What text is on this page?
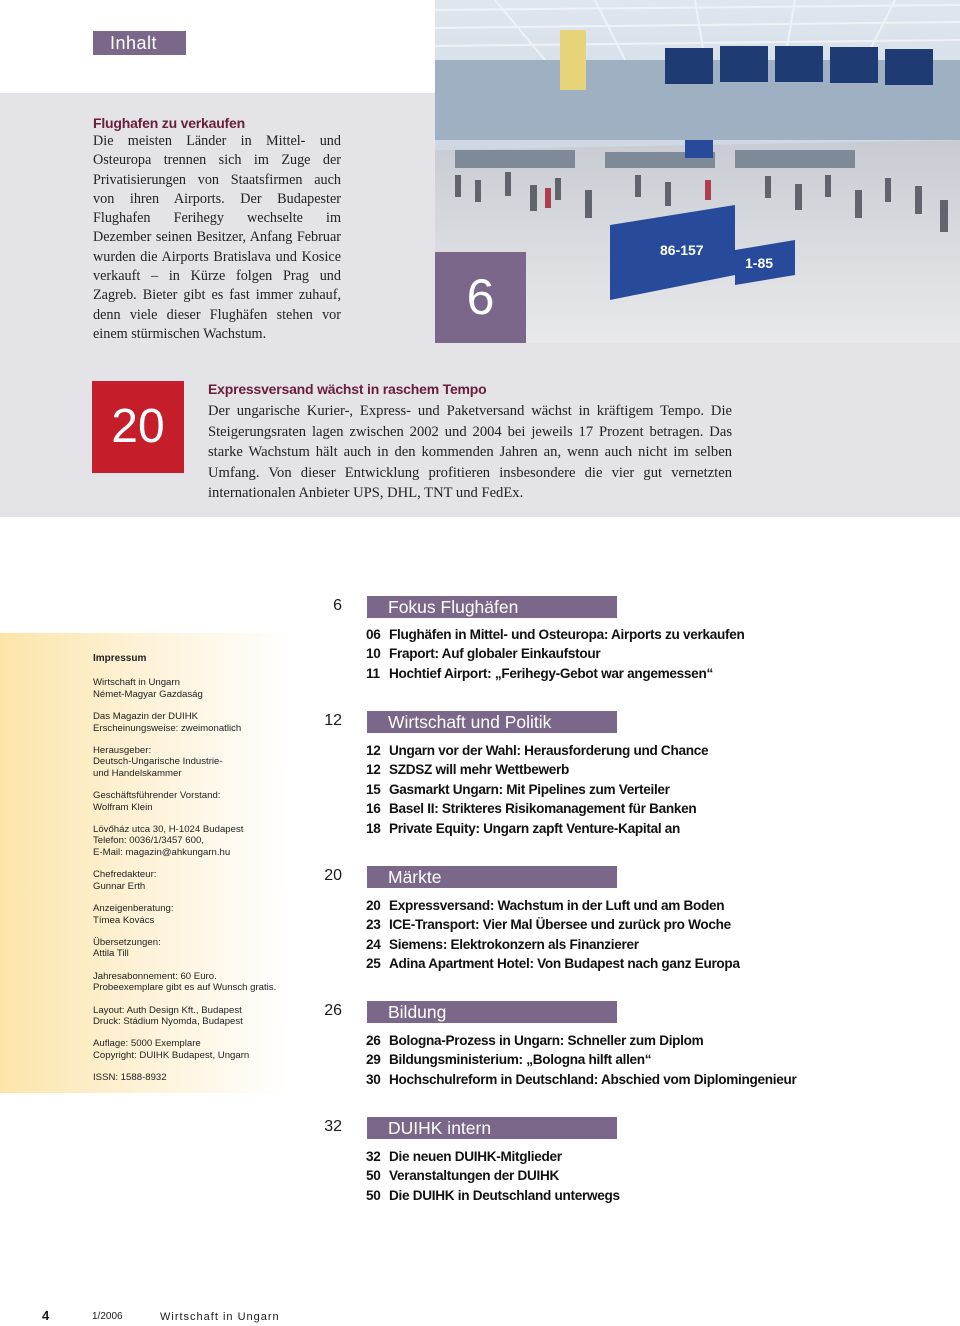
Inhalt
86-157
1-85
6
Flughafen zu verkaufen
Die meisten Länder in Mittel- und Osteuropa trennen sich im Zuge der Privatisierungen von Staatsfirmen auch von ihren Airports. Der Budapester Flughafen Ferihegy wechselte im Dezember seinen Besitzer, Anfang Februar wurden die Airports Bratislava und Kosice verkauft – in Kürze folgen Prag und Zagreb. Bieter gibt es fast immer zuhauf, denn viele dieser Flughäfen stehen vor einem stürmischen Wachstum.
20
Expressversand wächst in raschem Tempo
Der ungarische Kurier-, Express- und Paketversand wächst in kräftigem Tempo. Die Steigerungsraten lagen zwischen 2002 und 2004 bei jeweils 17 Prozent betragen. Das starke Wachstum hält auch in den kommenden Jahren an, wenn auch nicht im selben Umfang. Von dieser Entwicklung profitieren insbesondere die vier gut vernetzten internationalen Anbieter UPS, DHL, TNT und FedEx.
6	Fokus Flughäfen
06 Flughäfen in Mittel- und Osteuropa: Airports zu verkaufen
10 Fraport: Auf globaler Einkaufstour
11 Hochtief Airport: „Ferihegy-Gebot war angemessen“
12	Wirtschaft und Politik
12 Ungarn vor der Wahl: Herausforderung und Chance
12 SZDSZ will mehr Wettbewerb
15 Gasmarkt Ungarn: Mit Pipelines zum Verteiler
16 Basel II: Strikteres Risikomanagement für Banken
18 Private Equity: Ungarn zapft Venture-Kapital an
20	Märkte
20 Expressversand: Wachstum in der Luft und am Boden
23 ICE-Transport: Vier Mal Übersee und zurück pro Woche
24 Siemens: Elektrokonzern als Finanzierer
25 Adina Apartment Hotel: Von Budapest nach ganz Europa
26	Bildung
26 Bologna-Prozess in Ungarn: Schneller zum Diplom
29 Bildungsministerium: „Bologna hilft allen“
30 Hochschulreform in Deutschland: Abschied vom Diplomingenieur
32	DUIHK intern
32 Die neuen DUIHK-Mitglieder
50 Veranstaltungen der DUIHK
50 Die DUIHK in Deutschland unterwegs

Impressum

Wirtschaft in Ungarn
Német-Magyar Gazdaság

Das Magazin der DUIHK
Erscheinungsweise: zweimonatlich

Herausgeber:
Deutsch-Ungarische Industrie-
und Handelskammer

Geschäftsführender Vorstand:
Wolfram Klein

Lövőház utca 30, H-1024 Budapest
Telefon: 0036/1/3457 600,
E-Mail: magazin@ahkungarn.hu

Chefredakteur:
Gunnar Erth

Anzeigenberatung:
Tímea Kovács

Übersetzungen:
Attila Till

Jahresabonnement: 60 Euro.
Probeexemplare gibt es auf Wunsch gratis.

Layout: Auth Design Kft., Budapest
Druck: Stádium Nyomda, Budapest

Auflage: 5000 Exemplare
Copyright: DUIHK Budapest, Ungarn

ISSN: 1588-8932

4	1/2006	Wirtschaft in Ungarn
